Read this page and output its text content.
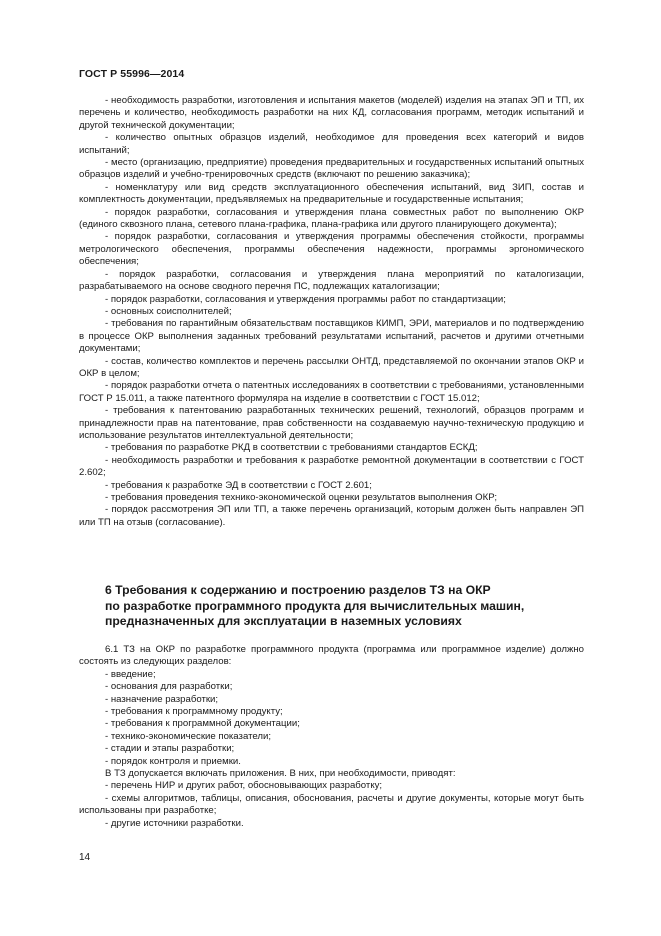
ГОСТ Р 55996—2014

- необходимость разработки, изготовления и испытания макетов (моделей) изделия на этапах ЭП и ТП, их перечень и количество, необходимость разработки на них КД, согласования программ, методик испытаний и другой технической документации;

- количество опытных образцов изделий, необходимое для проведения всех категорий и видов испытаний;

- место (организацию, предприятие) проведения предварительных и государственных испытаний опытных образцов изделий и учебно-тренировочных средств (включают по решению заказчика);

- номенклатуру или вид средств эксплуатационного обеспечения испытаний, вид ЗИП, состав и комплектность документации, предъявляемых на предварительные и государственные испытания;

- порядок разработки, согласования и утверждения плана совместных работ по выполнению ОКР (единого сквозного плана, сетевого плана-графика, плана-графика или другого планирующего документа);

- порядок разработки, согласования и утверждения программы обеспечения стойкости, программы метрологического обеспечения, программы обеспечения надежности, программы эргономического обеспечения;

- порядок разработки, согласования и утверждения плана мероприятий по каталогизации, разрабатываемого на основе сводного перечня ПС, подлежащих каталогизации;

- порядок разработки, согласования и утверждения программы работ по стандартизации;

- основных соисполнителей;

- требования по гарантийным обязательствам поставщиков КИМП, ЭРИ, материалов и по подтверждению в процессе ОКР выполнения заданных требований результатами испытаний, расчетов и другими отчетными документами;

- состав, количество комплектов и перечень рассылки ОНТД, представляемой по окончании этапов ОКР и ОКР в целом;

- порядок разработки отчета о патентных исследованиях в соответствии с требованиями, установленными ГОСТ Р 15.011, а также патентного формуляра на изделие в соответствии с ГОСТ 15.012;

- требования к патентованию разработанных технических решений, технологий, образцов программ и принадлежности прав на патентование, прав собственности на создаваемую научно-техническую продукцию и использование результатов интеллектуальной деятельности;

- требования по разработке РКД в соответствии с требованиями стандартов ЕСКД;

- необходимость разработки и требования к разработке ремонтной документации в соответствии с ГОСТ 2.602;

- требования к разработке ЭД в соответствии с ГОСТ 2.601;

- требования проведения технико-экономической оценки результатов выполнения ОКР;

- порядок рассмотрения ЭП или ТП, а также перечень организаций, которым должен быть направлен ЭП или ТП на отзыв (согласование).

6 Требования к содержанию и построению разделов ТЗ на ОКР
по разработке программного продукта для вычислительных машин,
предназначенных для эксплуатации в наземных условиях

6.1 ТЗ на ОКР по разработке программного продукта (программа или программное изделие) должно состоять из следующих разделов:

- введение;

- основания для разработки;

- назначение разработки;

- требования к программному продукту;

- требования к программной документации;

- технико-экономические показатели;

- стадии и этапы разработки;

- порядок контроля и приемки.

В ТЗ допускается включать приложения. В них, при необходимости, приводят:

- перечень НИР и других работ, обосновывающих разработку;

- схемы алгоритмов, таблицы, описания, обоснования, расчеты и другие документы, которые могут быть использованы при разработке;

- другие источники разработки.

14
